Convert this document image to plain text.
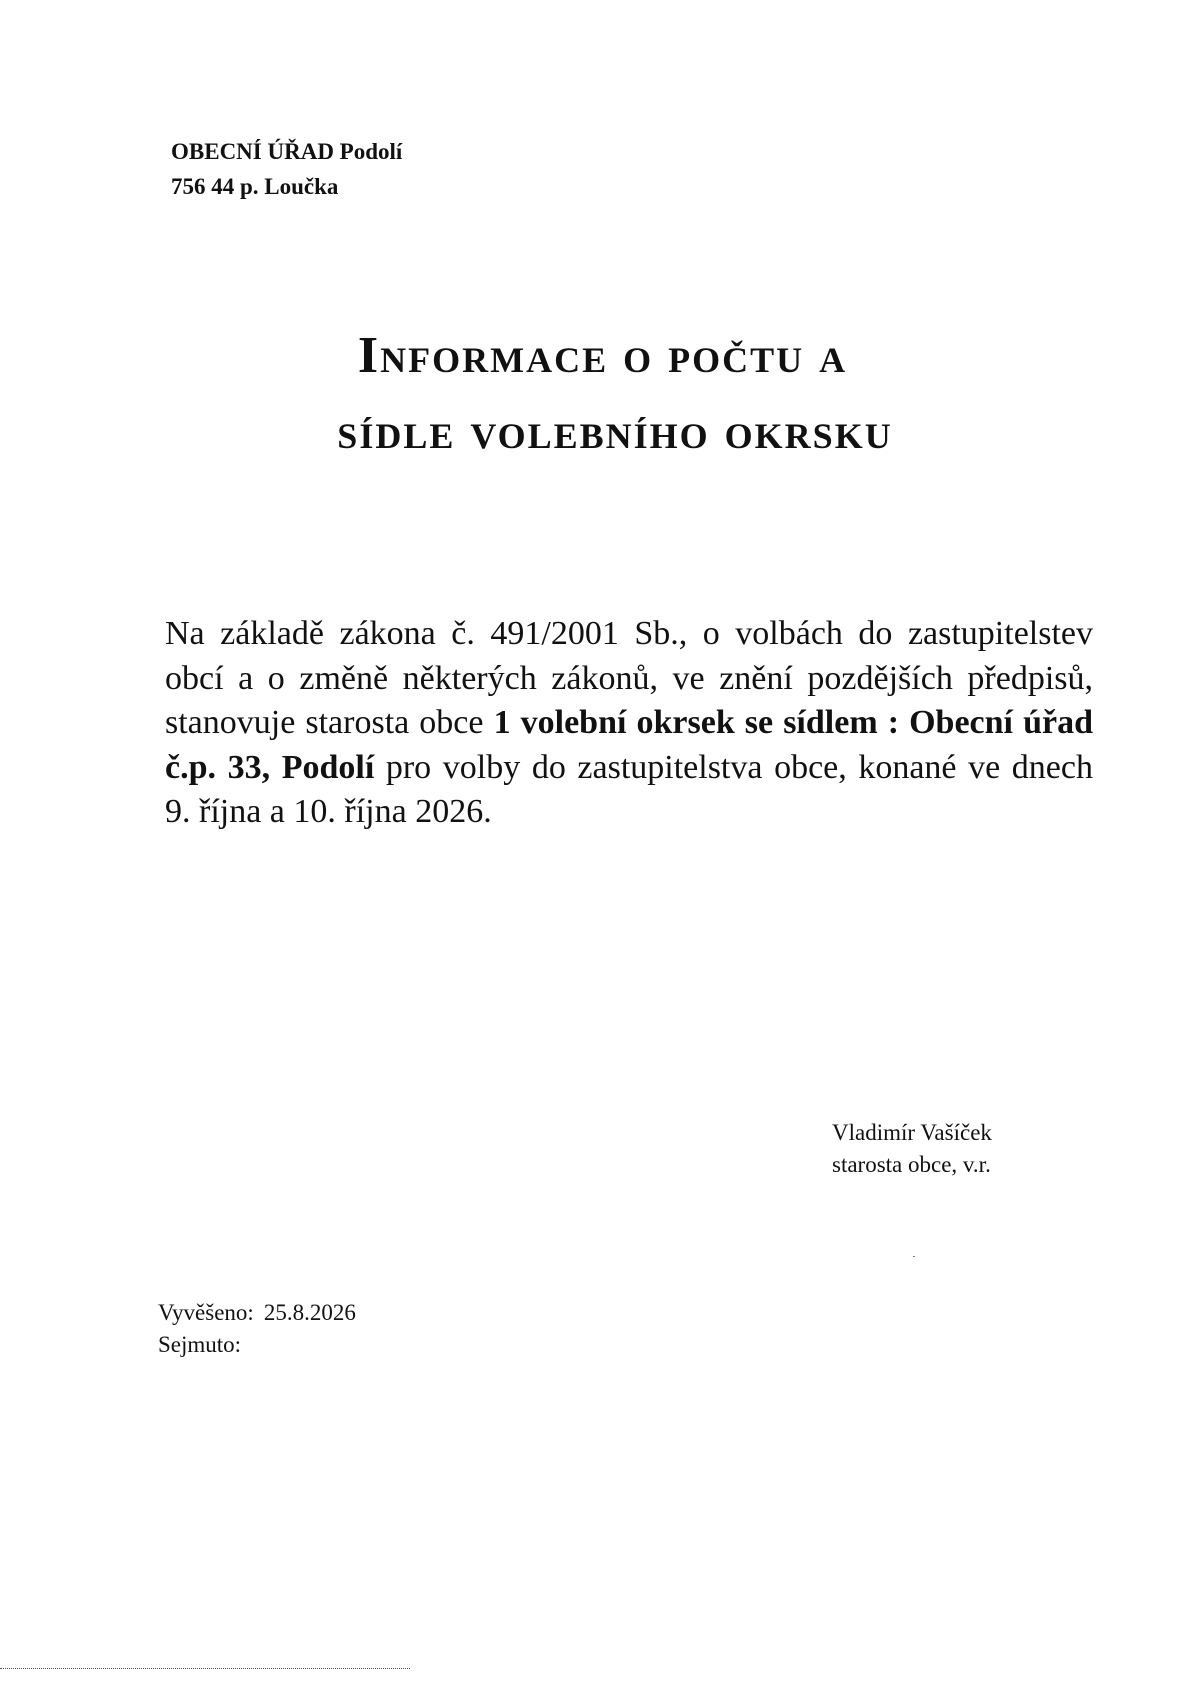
OBECNÍ ÚŘAD Podolí
756 44 p. Loučka
Informace o počtu a
sídle volebního okrsku
Na základě zákona č. 491/2001 Sb., o volbách do zastupitelstev obcí a o změně některých zákonů, ve znění pozdějších předpisů, stanovuje starosta obce 1 volební okrsek se sídlem : Obecní úřad č.p. 33, Podolí pro volby do zastupitelstva obce, konané ve dnech 9. října a 10. října 2026.
Vladimír Vašíček
starosta obce, v.r.
Vyvěšeno: 25.8.2026
Sejmuto:
